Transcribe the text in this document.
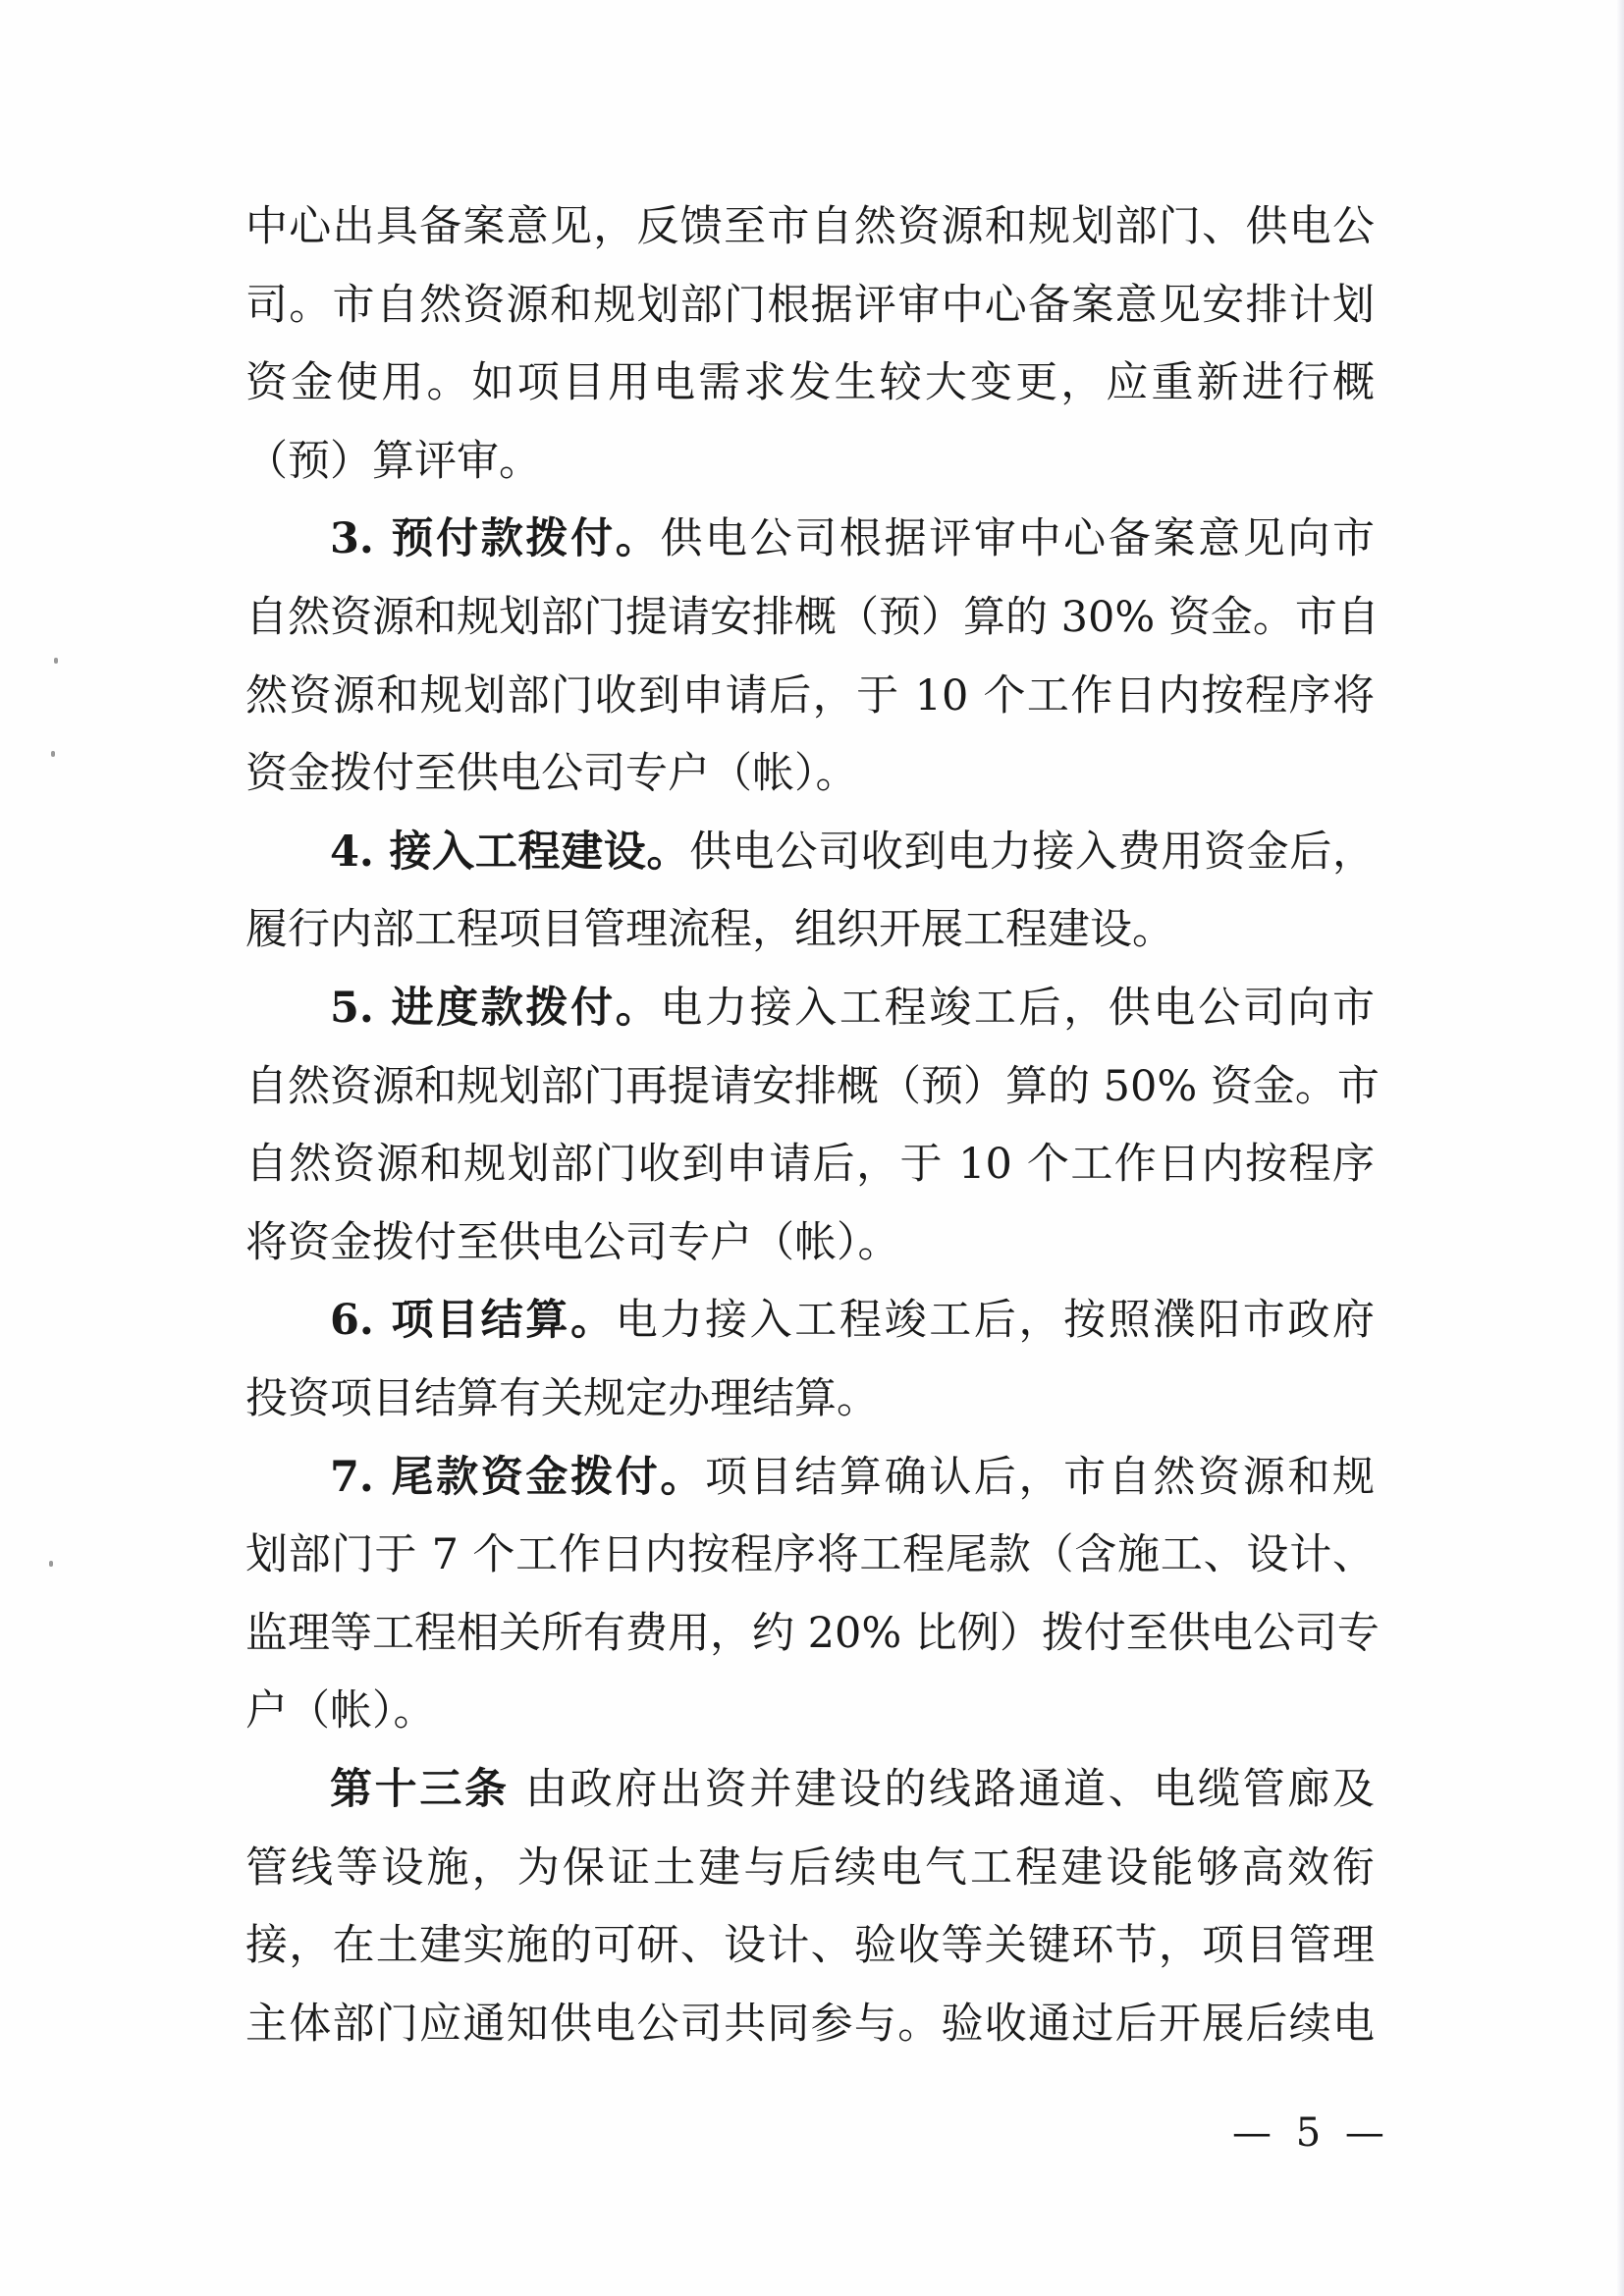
中心出具备案意见，反馈至市自然资源和规划部门、供电公
司。市自然资源和规划部门根据评审中心备案意见安排计划
资金使用。如项目用电需求发生较大变更，应重新进行概
（预）算评审。
3. 预付款拨付。供电公司根据评审中心备案意见向市
自然资源和规划部门提请安排概（预）算的 30% 资金。市自
然资源和规划部门收到申请后，于 10 个工作日内按程序将
资金拨付至供电公司专户（帐）。
4. 接入工程建设。供电公司收到电力接入费用资金后，
履行内部工程项目管理流程，组织开展工程建设。
5. 进度款拨付。电力接入工程竣工后，供电公司向市
自然资源和规划部门再提请安排概（预）算的 50% 资金。市
自然资源和规划部门收到申请后，于 10 个工作日内按程序
将资金拨付至供电公司专户（帐）。
6. 项目结算。电力接入工程竣工后，按照濮阳市政府
投资项目结算有关规定办理结算。
7. 尾款资金拨付。项目结算确认后，市自然资源和规
划部门于 7 个工作日内按程序将工程尾款（含施工、设计、
监理等工程相关所有费用，约 20% 比例）拨付至供电公司专
户（帐）。
第十三条 由政府出资并建设的线路通道、电缆管廊及
管线等设施，为保证土建与后续电气工程建设能够高效衔
接，在土建实施的可研、设计、验收等关键环节，项目管理
主体部门应通知供电公司共同参与。验收通过后开展后续电
— 5 —
